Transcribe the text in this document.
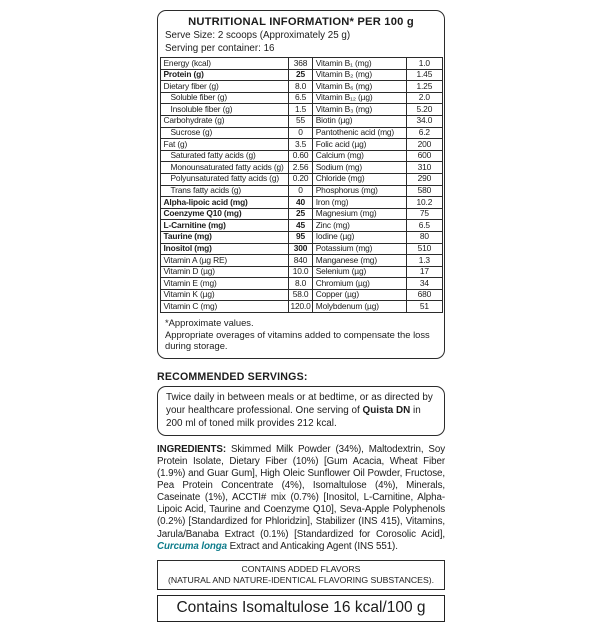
NUTRITIONAL INFORMATION* PER 100 g
Serve Size: 2 scoops (Approximately 25 g)
Serving per container: 16
Energy (kcal)	368	Vitamin B₁ (mg)	1.0
Protein (g)	25	Vitamin B₂ (mg)	1.45
Dietary fiber (g)	8.0	Vitamin B₆ (mg)	1.25
Soluble fiber (g)	6.5	Vitamin B₁₂ (µg)	2.0
Insoluble fiber (g)	1.5	Vitamin B₃ (mg)	5.20
Carbohydrate (g)	55	Biotin (µg)	34.0
Sucrose (g)	0	Pantothenic acid (mg)	6.2
Fat (g)	3.5	Folic acid (µg)	200
Saturated fatty acids (g)	0.60	Calcium (mg)	600
Monounsaturated fatty acids (g)	2.56	Sodium (mg)	310
Polyunsaturated fatty acids (g)	0.20	Chloride (mg)	290
Trans fatty acids (g)	0	Phosphorus (mg)	580
Alpha-lipoic acid (mg)	40	Iron (mg)	10.2
Coenzyme Q10 (mg)	25	Magnesium (mg)	75
L-Carnitine (mg)	45	Zinc (mg)	6.5
Taurine (mg)	95	Iodine (µg)	80
Inositol (mg)	300	Potassium (mg)	510
Vitamin A (µg RE)	840	Manganese (mg)	1.3
Vitamin D (µg)	10.0	Selenium (µg)	17
Vitamin E (mg)	8.0	Chromium (µg)	34
Vitamin K (µg)	58.0	Copper (µg)	680
Vitamin C (mg)	120.0	Molybdenum (µg)	51
*Approximate values.
Appropriate overages of vitamins added to compensate the loss during storage.
RECOMMENDED SERVINGS:
Twice daily in between meals or at bedtime, or as directed by your healthcare professional. One serving of Quista DN in 200 ml of toned milk provides 212 kcal.
INGREDIENTS: Skimmed Milk Powder (34%), Maltodextrin, Soy Protein Isolate, Dietary Fiber (10%) [Gum Acacia, Wheat Fiber (1.9%) and Guar Gum], High Oleic Sunflower Oil Powder, Fructose, Pea Protein Concentrate (4%), Isomaltulose (4%), Minerals, Caseinate (1%), ACCTI# mix (0.7%) [Inositol, L-Carnitine, Alpha-Lipoic Acid, Taurine and Coenzyme Q10], Seva-Apple Polyphenols (0.2%) [Standardized for Phloridzin], Stabilizer (INS 415), Vitamins, Jarula/Banaba Extract (0.1%) [Standardized for Corosolic Acid], Curcuma longa Extract and Anticaking Agent (INS 551).
CONTAINS ADDED FLAVORS
(NATURAL AND NATURE-IDENTICAL FLAVORING SUBSTANCES).
Contains Isomaltulose 16 kcal/100 g
